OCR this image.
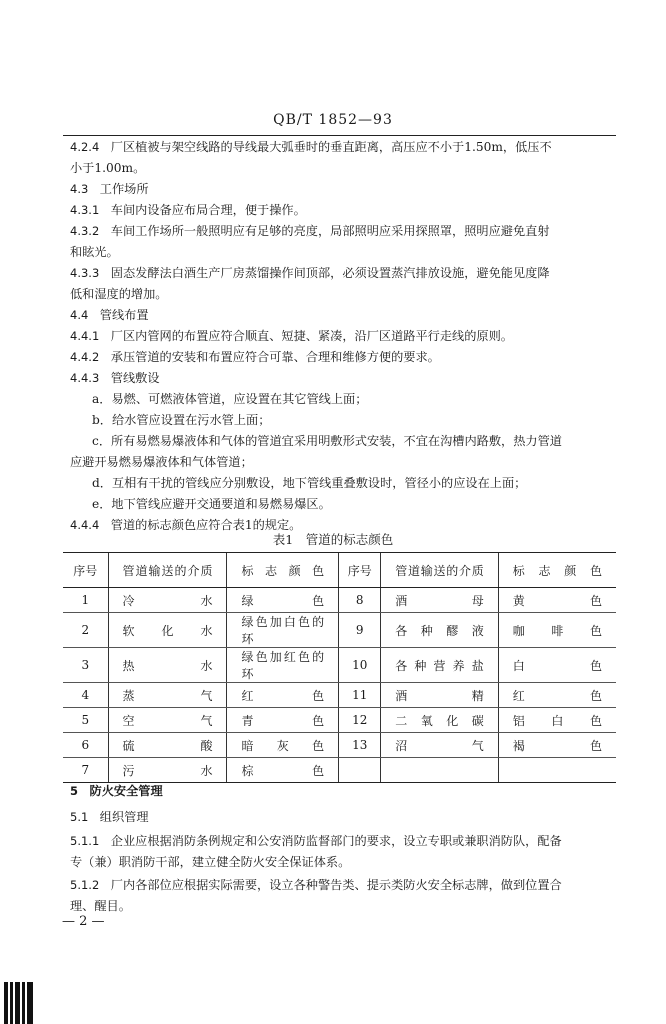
QB/T 1852—93
4.2.4 厂区植被与架空线路的导线最大弧垂时的垂直距离，高压应不小于1.50m，低压不
小于1.00m。
4.3 工作场所
4.3.1 车间内设备应布局合理，便于操作。
4.3.2 车间工作场所一般照明应有足够的亮度，局部照明应采用探照罩，照明应避免直射
和眩光。
4.3.3 固态发酵法白酒生产厂房蒸馏操作间顶部，必须设置蒸汽排放设施，避免能见度降
低和湿度的增加。
4.4 管线布置
4.4.1 厂区内管网的布置应符合顺直、短捷、紧凑，沿厂区道路平行走线的原则。
4.4.2 承压管道的安装和布置应符合可靠、合理和维修方便的要求。
4.4.3 管线敷设
a．易燃、可燃液体管道，应设置在其它管线上面；
b．给水管应设置在污水管上面；
c．所有易燃易爆液体和气体的管道宜采用明敷形式安装，不宜在沟槽内路敷，热力管道
应避开易燃易爆液体和气体管道；
d．互相有干扰的管线应分别敷设，地下管线重叠敷设时，管径小的应设在上面；
e．地下管线应避开交通要道和易燃易爆区。
4.4.4 管道的标志颜色应符合表1的规定。
表1　管道的标志颜色
序号	管道输送的介质	标志颜色	序号	管道输送的介质	标志颜色
1	冷水	绿色	8	酒母	黄色
2	软化水	绿色加白色的环	9	各种醪液	咖啡色
3	热水	绿色加红色的环	10	各种营养盐	白色
4	蒸气	红色	11	酒精	红色
5	空气	青色	12	二氧化碳	铝白色
6	硫酸	暗灰色	13	沼气	褐色
7	污水	棕色			
5 防火安全管理
5.1 组织管理
5.1.1 企业应根据消防条例规定和公安消防监督部门的要求，设立专职或兼职消防队，配备
专（兼）职消防干部，建立健全防火安全保证体系。
5.1.2 厂内各部位应根据实际需要，设立各种警告类、提示类防火安全标志牌，做到位置合
理、醒目。
— 2 —
